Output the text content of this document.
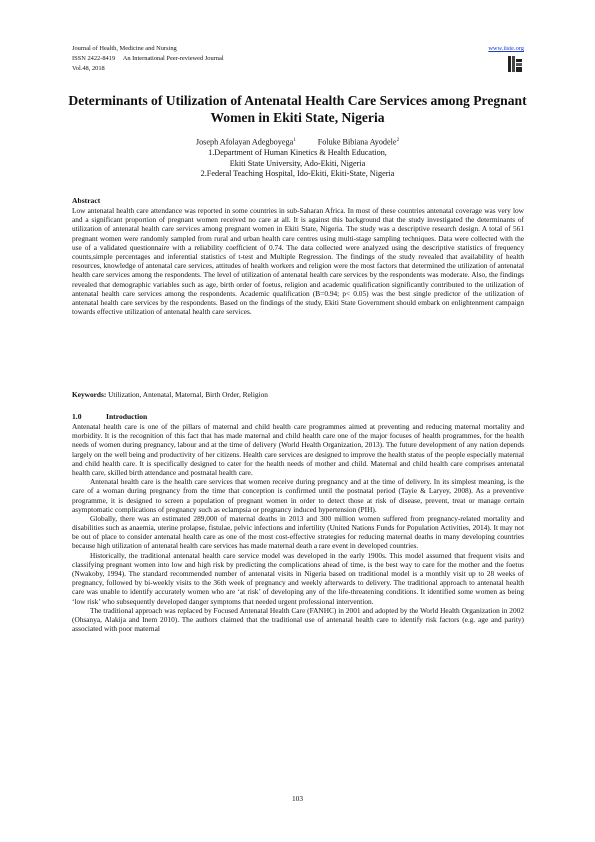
Journal of Health, Medicine and Nursing
ISSN 2422-8419     An International Peer-reviewed Journal
Vol.48, 2018
www.iiste.org
Determinants of Utilization of Antenatal Health Care Services among Pregnant Women in Ekiti State, Nigeria
Joseph Afolayan Adegboyega$^1$	Foluke Bibiana Ayodele$^2$
1.Department of Human Kinetics & Health Education,
Ekiti State University, Ado-Ekiti, Nigeria
2.Federal Teaching Hospital, Ido-Ekiti, Ekiti-State, Nigeria
Abstract

Low antenatal health care attendance was reported in some countries in sub-Saharan Africa. In most of these countries antenatal coverage was very low and a significant proportion of pregnant women received no care at all. It is against this background that the study investigated the determinants of utilization of antenatal health care services among pregnant women in Ekiti State, Nigeria. The study was a descriptive research design. A total of 561 pregnant women were randomly sampled from rural and urban health care centres using multi-stage sampling techniques. Data were collected with the use of a validated questionnaire with a reliability coefficient of 0.74. The data collected were analyzed using the descriptive statistics of frequency counts,simple percentages and inferential statistics of t-test and Multiple Regression. The findings of the study revealed that availability of health resources, knowledge of antenatal care services, attitudes of health workers and religion were the most factors that determined the utilization of antenatal health care services among the respondents. The level of utilization of antenatal health care services by the respondents was moderate. Also, the findings revealed that demographic variables such as age, birth order of foetus, religion and academic qualification significantly contributed to the utilization of antenatal health care services among the respondents. Academic qualification (B=0.94; p< 0.05) was the best single predictor of the utilization of antenatal health care services by the respondents. Based on the findings of the study, Ekiti State Government should embark on enlightenment campaign towards effective utilization of antenatal health care services.

Keywords: Utilization, Antenatal, Maternal, Birth Order, Religion
1.0	Introduction

Antenatal health care is one of the pillars of maternal and child health care programmes aimed at preventing and reducing maternal mortality and morbidity. It is the recognition of this fact that has made maternal and child health care one of the major focuses of health programmes, for the health needs of women during pregnancy, labour and at the time of delivery (World Health Organization, 2013). The future development of any nation depends largely on the well being and productivity of her citizens. Health care services are designed to improve the health status of the people especially maternal and child health care. It is specifically designed to cater for the health needs of mother and child. Maternal and child health care comprises antenatal health care, skilled birth attendance and postnatal health care.

Antenatal health care is the health care services that women receive during pregnancy and at the time of delivery. In its simplest meaning, is the care of a woman during pregnancy from the time that conception is confirmed until the postnatal period (Tayie & Laryey, 2008). As a preventive programme, it is designed to screen a population of pregnant women in order to detect those at risk of disease, prevent, treat or manage certain asymptomatic complications of pregnancy such as eclampsia or pregnancy induced hypertension (PIH).

Globally, there was an estimated 289,000 of maternal deaths in 2013 and 300 million women suffered from pregnancy-related mortality and disabilities such as anaemia, uterine prolapse, fistulae, pelvic infections and infertility (United Nations Funds for Population Activities, 2014). It may not be out of place to consider antenatal health care as one of the most cost-effective strategies for reducing maternal deaths in many developing countries because high utilization of antenatal health care services has made maternal death a rare event in developed countries.

Historically, the traditional antenatal health care service model was developed in the early 1900s. This model assumed that frequent visits and classifying pregnant women into low and high risk by predicting the complications ahead of time, is the best way to care for the mother and the foetus (Nwakoby, 1994). The standard recommended number of antenatal visits in Nigeria based on traditional model is a monthly visit up to 28 weeks of pregnancy, followed by bi-weekly visits to the 36th week of pregnancy and weekly afterwards to delivery. The traditional approach to antenatal health care was unable to identify accurately women who are ‘at risk’ of developing any of the life-threatening conditions. It identified some women as being ‘low risk’ who subsequently developed danger symptoms that needed urgent professional intervention.

The traditional approach was replaced by Focused Antenatal Health Care (FANHC) in 2001 and adopted by the World Health Organization in 2002 (Ohsanya, Alakija and Inem 2010). The authors claimed that the traditional use of antenatal health care to identify risk factors (e.g. age and parity) associated with poor maternal

103
